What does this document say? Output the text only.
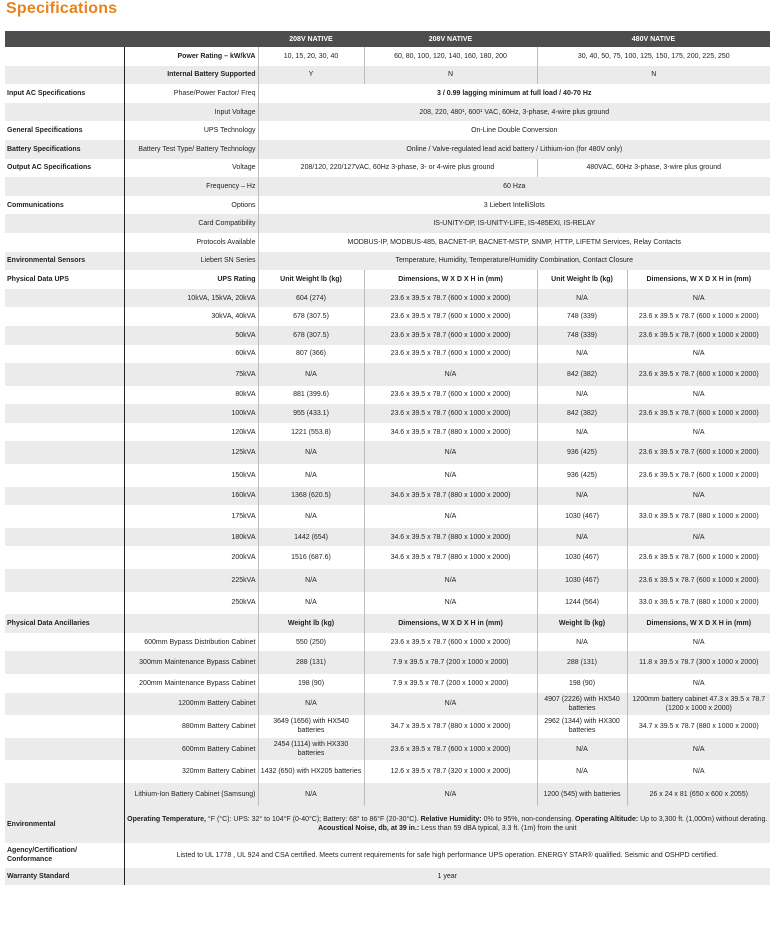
Specifications
		208V NATIVE	208V NATIVE	480V NATIVE	
	Power Rating – kW/kVA	10, 15, 20, 30, 40	60, 80, 100, 120, 140, 160, 180, 200	30, 40, 50, 75, 100, 125, 150, 175, 200, 225, 250	
	Internal Battery Supported	Y	N	N	
Input AC Specifications	Phase/Power Factor/ Freq	3 / 0.99 lagging minimum at full load / 40-70 Hz			
	Input Voltage	208, 220, 480¹, 600¹ VAC, 60Hz, 3-phase, 4-wire plus ground			
General Specifications	UPS Technology	On-Line Double Conversion			
Battery Specifications	Battery Test Type/ Battery Technology	Online / Valve-regulated lead acid battery / Lithium-ion (for 480V only)			
Output AC Specifications	Voltage	208/120, 220/127VAC, 60Hz 3-phase, 3- or 4-wire plus ground		480VAC, 60Hz 3-phase, 3-wire plus ground	
	Frequency – Hz	60 Hza			
Communications	Options	3 Liebert IntelliSlots			
	Card Compatibility	IS-UNITY-DP, IS-UNITY-LIFE, IS-485EXI, IS-RELAY			
	Protocols Available	MODBUS-IP, MODBUS-485, BACNET-IP, BACNET-MSTP, SNMP, HTTP, LIFETM Services, Relay Contacts			
Environmental Sensors	Liebert SN Series	Temperature, Humidity, Temperature/Humidity Combination, Contact Closure			
Physical Data UPS	UPS Rating	Unit Weight lb (kg)	Dimensions, W X D X H in (mm)	Unit Weight lb (kg)	Dimensions, W X D X H in (mm)
	10kVA, 15kVA, 20kVA	604 (274)	23.6 x 39.5 x 78.7 (600 x 1000 x 2000)	N/A	N/A
	30kVA, 40kVA	678 (307.5)	23.6 x 39.5 x 78.7 (600 x 1000 x 2000)	748 (339)	23.6 x 39.5 x 78.7 (600 x 1000 x 2000)
	50kVA	678 (307.5)	23.6 x 39.5 x 78.7 (600 x 1000 x 2000)	748 (339)	23.6 x 39.5 x 78.7 (600 x 1000 x 2000)
	60kVA	807 (366)	23.6 x 39.5 x 78.7 (600 x 1000 x 2000)	N/A	N/A
	75kVA	N/A	N/A	842 (382)	23.6 x 39.5 x 78.7 (600 x 1000 x 2000)
	80kVA	881 (399.6)	23.6 x 39.5 x 78.7 (600 x 1000 x 2000)	N/A	N/A
	100kVA	955 (433.1)	23.6 x 39.5 x 78.7 (600 x 1000 x 2000)	842 (382)	23.6 x 39.5 x 78.7 (600 x 1000 x 2000)
	120kVA	1221 (553.8)	34.6 x 39.5 x 78.7 (880 x 1000 x 2000)	N/A	N/A
	125kVA	N/A	N/A	936 (425)	23.6 x 39.5 x 78.7 (600 x 1000 x 2000)
	150kVA	N/A	N/A	936 (425)	23.6 x 39.5 x 78.7 (600 x 1000 x 2000)
	160kVA	1368 (620.5)	34.6 x 39.5 x 78.7 (880 x 1000 x 2000)	N/A	N/A
	175kVA	N/A	N/A	1030 (467)	33.0 x 39.5 x 78.7 (880 x 1000 x 2000)
	180kVA	1442 (654)	34.6 x 39.5 x 78.7 (880 x 1000 x 2000)	N/A	N/A
	200kVA	1516 (687.6)	34.6 x 39.5 x 78.7 (880 x 1000 x 2000)	1030 (467)	23.6 x 39.5 x 78.7 (600 x 1000 x 2000)
	225kVA	N/A	N/A	1030 (467)	23.6 x 39.5 x 78.7 (600 x 1000 x 2000)
	250kVA	N/A	N/A	1244 (564)	33.0 x 39.5 x 78.7 (880 x 1000 x 2000)
Physical Data Ancillaries		Weight lb (kg)	Dimensions, W X D X H in (mm)	Weight lb (kg)	Dimensions, W X D X H in (mm)
	600mm Bypass Distribution Cabinet	550 (250)	23.6 x 39.5 x 78.7 (600 x 1000 x 2000)	N/A	N/A
	300mm Maintenance Bypass Cabinet	288 (131)	7.9 x 39.5 x 78.7 (200 x 1000 x 2000)	288 (131)	11.8 x 39.5 x 78.7 (300 x 1000 x 2000)
	200mm Maintenance Bypass Cabinet	198 (90)	7.9 x 39.5 x 78.7 (200 x 1000 x 2000)	198 (90)	N/A
	1200mm Battery Cabinet	N/A	N/A	4907 (2226) with HX540 batteries	1200mm battery cabinet 47.3 x 39.5 x 78.7 (1200 x 1000 x 2000)
	880mm Battery Cabinet	3649 (1656) with HX540 batteries	34.7 x 39.5 x 78.7 (880 x 1000 x 2000)	2962 (1344) with HX300 batteries	34.7 x 39.5 x 78.7 (880 x 1000 x 2000)
	600mm Battery Cabinet	2454 (1114) with HX330 batteries	23.6 x 39.5 x 78.7 (600 x 1000 x 2000)	N/A	N/A
	320mm Battery Cabinet	1432 (650) with HX205 batteries	12.6 x 39.5 x 78.7 (320 x 1000 x 2000)	N/A	N/A
	Lithium-Ion Battery Cabinet (Samsung)	N/A	N/A	1200 (545) with batteries	26 x 24 x 81 (650 x 600 x 2055)
Environmental	Operating Temperature, °F (°C): UPS: 32° to 104°F (0-40°C); Battery: 68° to 86°F (20-30°C). Relative Humidity: 0% to 95%, non-condensing. Operating Altitude: Up to 3,300 ft. (1,000m) without derating. Acoustical Noise, db, at 39 in.: Less than 59 dBA typical, 3.3 ft. (1m) from the unit				
Agency/Certification/ Conformance	Listed to UL 1778 , UL 924 and CSA certified. Meets current requirements for safe high performance UPS operation. ENERGY STAR® qualified. Seismic and OSHPD certified.				
Warranty Standard	1 year				
